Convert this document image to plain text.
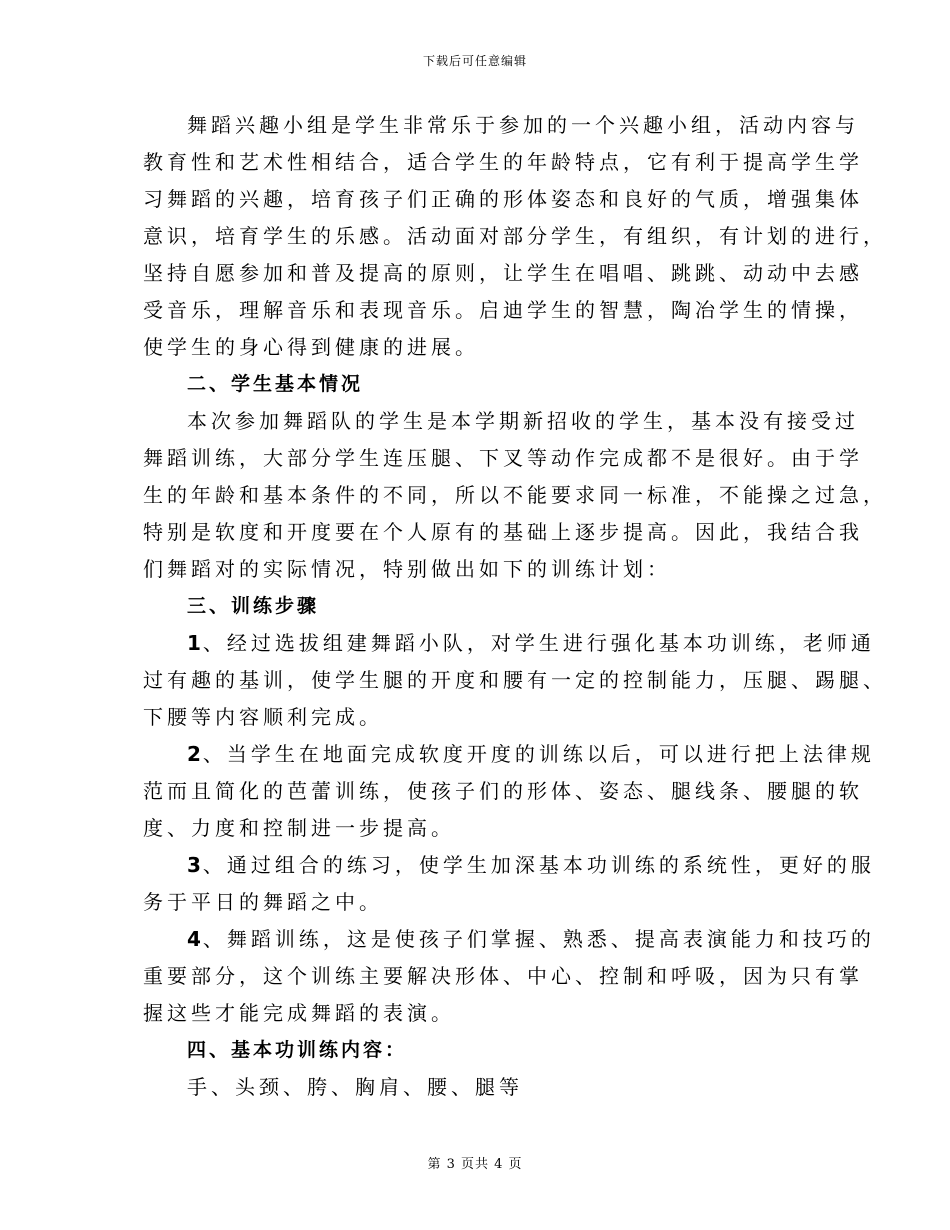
下载后可任意编辑
舞蹈兴趣小组是学生非常乐于参加的一个兴趣小组，活动内容与
教育性和艺术性相结合，适合学生的年龄特点，它有利于提高学生学
习舞蹈的兴趣，培育孩子们正确的形体姿态和良好的气质，增强集体
意识，培育学生的乐感。活动面对部分学生，有组织，有计划的进行，
坚持自愿参加和普及提高的原则，让学生在唱唱、跳跳、动动中去感
受音乐，理解音乐和表现音乐。启迪学生的智慧，陶冶学生的情操，
使学生的身心得到健康的进展。
二、学生基本情况
本次参加舞蹈队的学生是本学期新招收的学生，基本没有接受过
舞蹈训练，大部分学生连压腿、下叉等动作完成都不是很好。由于学
生的年龄和基本条件的不同，所以不能要求同一标准，不能操之过急，
特别是软度和开度要在个人原有的基础上逐步提高。因此，我结合我
们舞蹈对的实际情况，特别做出如下的训练计划：
三、训练步骤
1、经过选拔组建舞蹈小队，对学生进行强化基本功训练，老师通
过有趣的基训，使学生腿的开度和腰有一定的控制能力，压腿、踢腿、
下腰等内容顺利完成。
2、当学生在地面完成软度开度的训练以后，可以进行把上法律规
范而且简化的芭蕾训练，使孩子们的形体、姿态、腿线条、腰腿的软
度、力度和控制进一步提高。
3、通过组合的练习，使学生加深基本功训练的系统性，更好的服
务于平日的舞蹈之中。
4、舞蹈训练，这是使孩子们掌握、熟悉、提高表演能力和技巧的
重要部分，这个训练主要解决形体、中心、控制和呼吸，因为只有掌
握这些才能完成舞蹈的表演。
四、基本功训练内容：
手、头颈、胯、胸肩、腰、腿等
第 3 页共 4 页
